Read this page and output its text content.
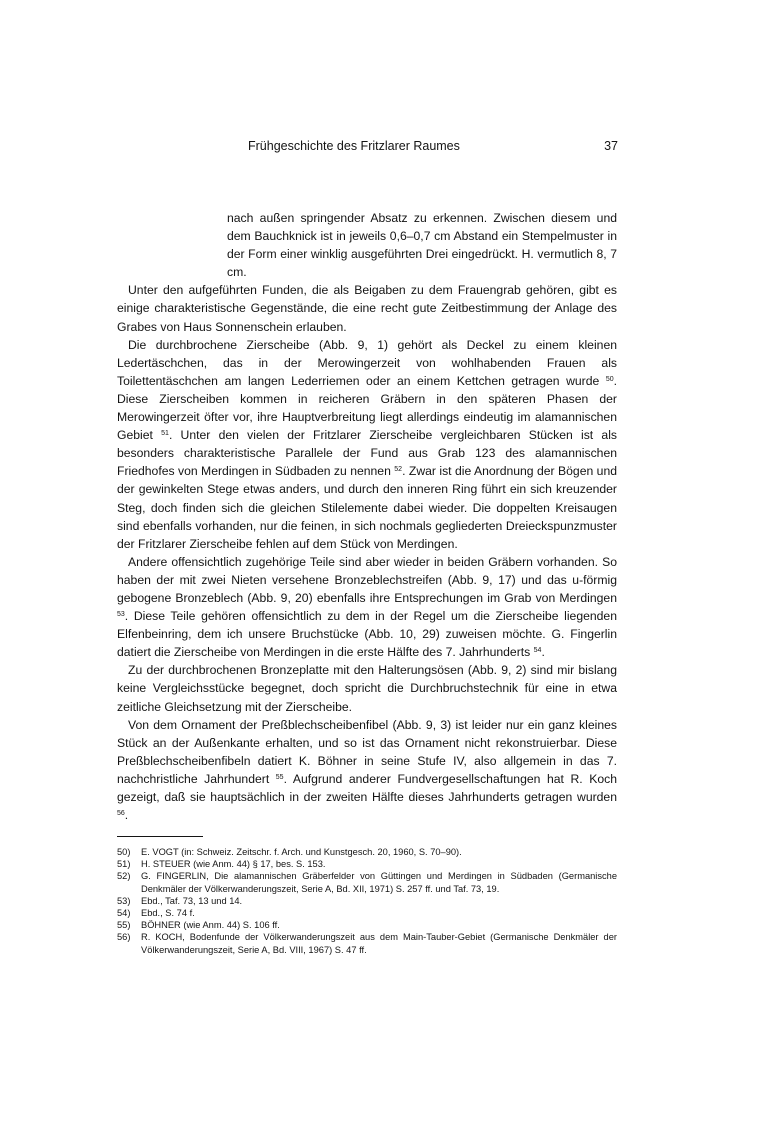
Frühgeschichte des Fritzlarer Raumes	37

nach außen springender Absatz zu erkennen. Zwischen diesem und dem Bauchknick ist in jeweils 0,6–0,7 cm Abstand ein Stempelmuster in der Form einer winklig ausgeführten Drei eingedrückt. H. vermutlich 8, 7 cm.

Unter den aufgeführten Funden, die als Beigaben zu dem Frauengrab gehören, gibt es einige charakteristische Gegenstände, die eine recht gute Zeitbestimmung der Anlage des Grabes von Haus Sonnenschein erlauben.

Die durchbrochene Zierscheibe (Abb. 9, 1) gehört als Deckel zu einem kleinen Ledertäschchen, das in der Merowingerzeit von wohlhabenden Frauen als Toilettentäschchen am langen Lederriemen oder an einem Kettchen getragen wurde $^{50}$. Diese Zierscheiben kommen in reicheren Gräbern in den späteren Phasen der Merowingerzeit öfter vor, ihre Hauptverbreitung liegt allerdings eindeutig im alamannischen Gebiet $^{51}$. Unter den vielen der Fritzlarer Zierscheibe vergleichbaren Stücken ist als besonders charakteristische Parallele der Fund aus Grab 123 des alamannischen Friedhofes von Merdingen in Südbaden zu nennen $^{52}$. Zwar ist die Anordnung der Bögen und der gewinkelten Stege etwas anders, und durch den inneren Ring führt ein sich kreuzender Steg, doch finden sich die gleichen Stilelemente dabei wieder. Die doppelten Kreisaugen sind ebenfalls vorhanden, nur die feinen, in sich nochmals gegliederten Dreieckspunzmuster der Fritzlarer Zierscheibe fehlen auf dem Stück von Merdingen.

Andere offensichtlich zugehörige Teile sind aber wieder in beiden Gräbern vorhanden. So haben der mit zwei Nieten versehene Bronzeblechstreifen (Abb. 9, 17) und das u-förmig gebogene Bronzeblech (Abb. 9, 20) ebenfalls ihre Entsprechungen im Grab von Merdingen $^{53}$. Diese Teile gehören offensichtlich zu dem in der Regel um die Zierscheibe liegenden Elfenbeinring, dem ich unsere Bruchstücke (Abb. 10, 29) zuweisen möchte. G. Fingerlin datiert die Zierscheibe von Merdingen in die erste Hälfte des 7. Jahrhunderts $^{54}$.

Zu der durchbrochenen Bronzeplatte mit den Halterungsösen (Abb. 9, 2) sind mir bislang keine Vergleichsstücke begegnet, doch spricht die Durchbruchstechnik für eine in etwa zeitliche Gleichsetzung mit der Zierscheibe.

Von dem Ornament der Preßblechscheibenfibel (Abb. 9, 3) ist leider nur ein ganz kleines Stück an der Außenkante erhalten, und so ist das Ornament nicht rekonstruierbar. Diese Preßblechscheibenfibeln datiert K. Böhner in seine Stufe IV, also allgemein in das 7. nachchristliche Jahrhundert $^{55}$. Aufgrund anderer Fundvergesellschaftungen hat R. Koch gezeigt, daß sie hauptsächlich in der zweiten Hälfte dieses Jahrhunderts getragen wurden $^{56}$.

50)	E. VOGT (in: Schweiz. Zeitschr. f. Arch. und Kunstgesch. 20, 1960, S. 70–90).
51)	H. STEUER (wie Anm. 44) § 17, bes. S. 153.
52)	G. FINGERLIN, Die alamannischen Gräberfelder von Güttingen und Merdingen in Südbaden (Germanische Denkmäler der Völkerwanderungszeit, Serie A, Bd. XII, 1971) S. 257 ff. und Taf. 73, 19.
53)	Ebd., Taf. 73, 13 und 14.
54)	Ebd., S. 74 f.
55)	BÖHNER (wie Anm. 44) S. 106 ff.
56)	R. KOCH, Bodenfunde der Völkerwanderungszeit aus dem Main-Tauber-Gebiet (Germanische Denkmäler der Völkerwanderungszeit, Serie A, Bd. VIII, 1967) S. 47 ff.
